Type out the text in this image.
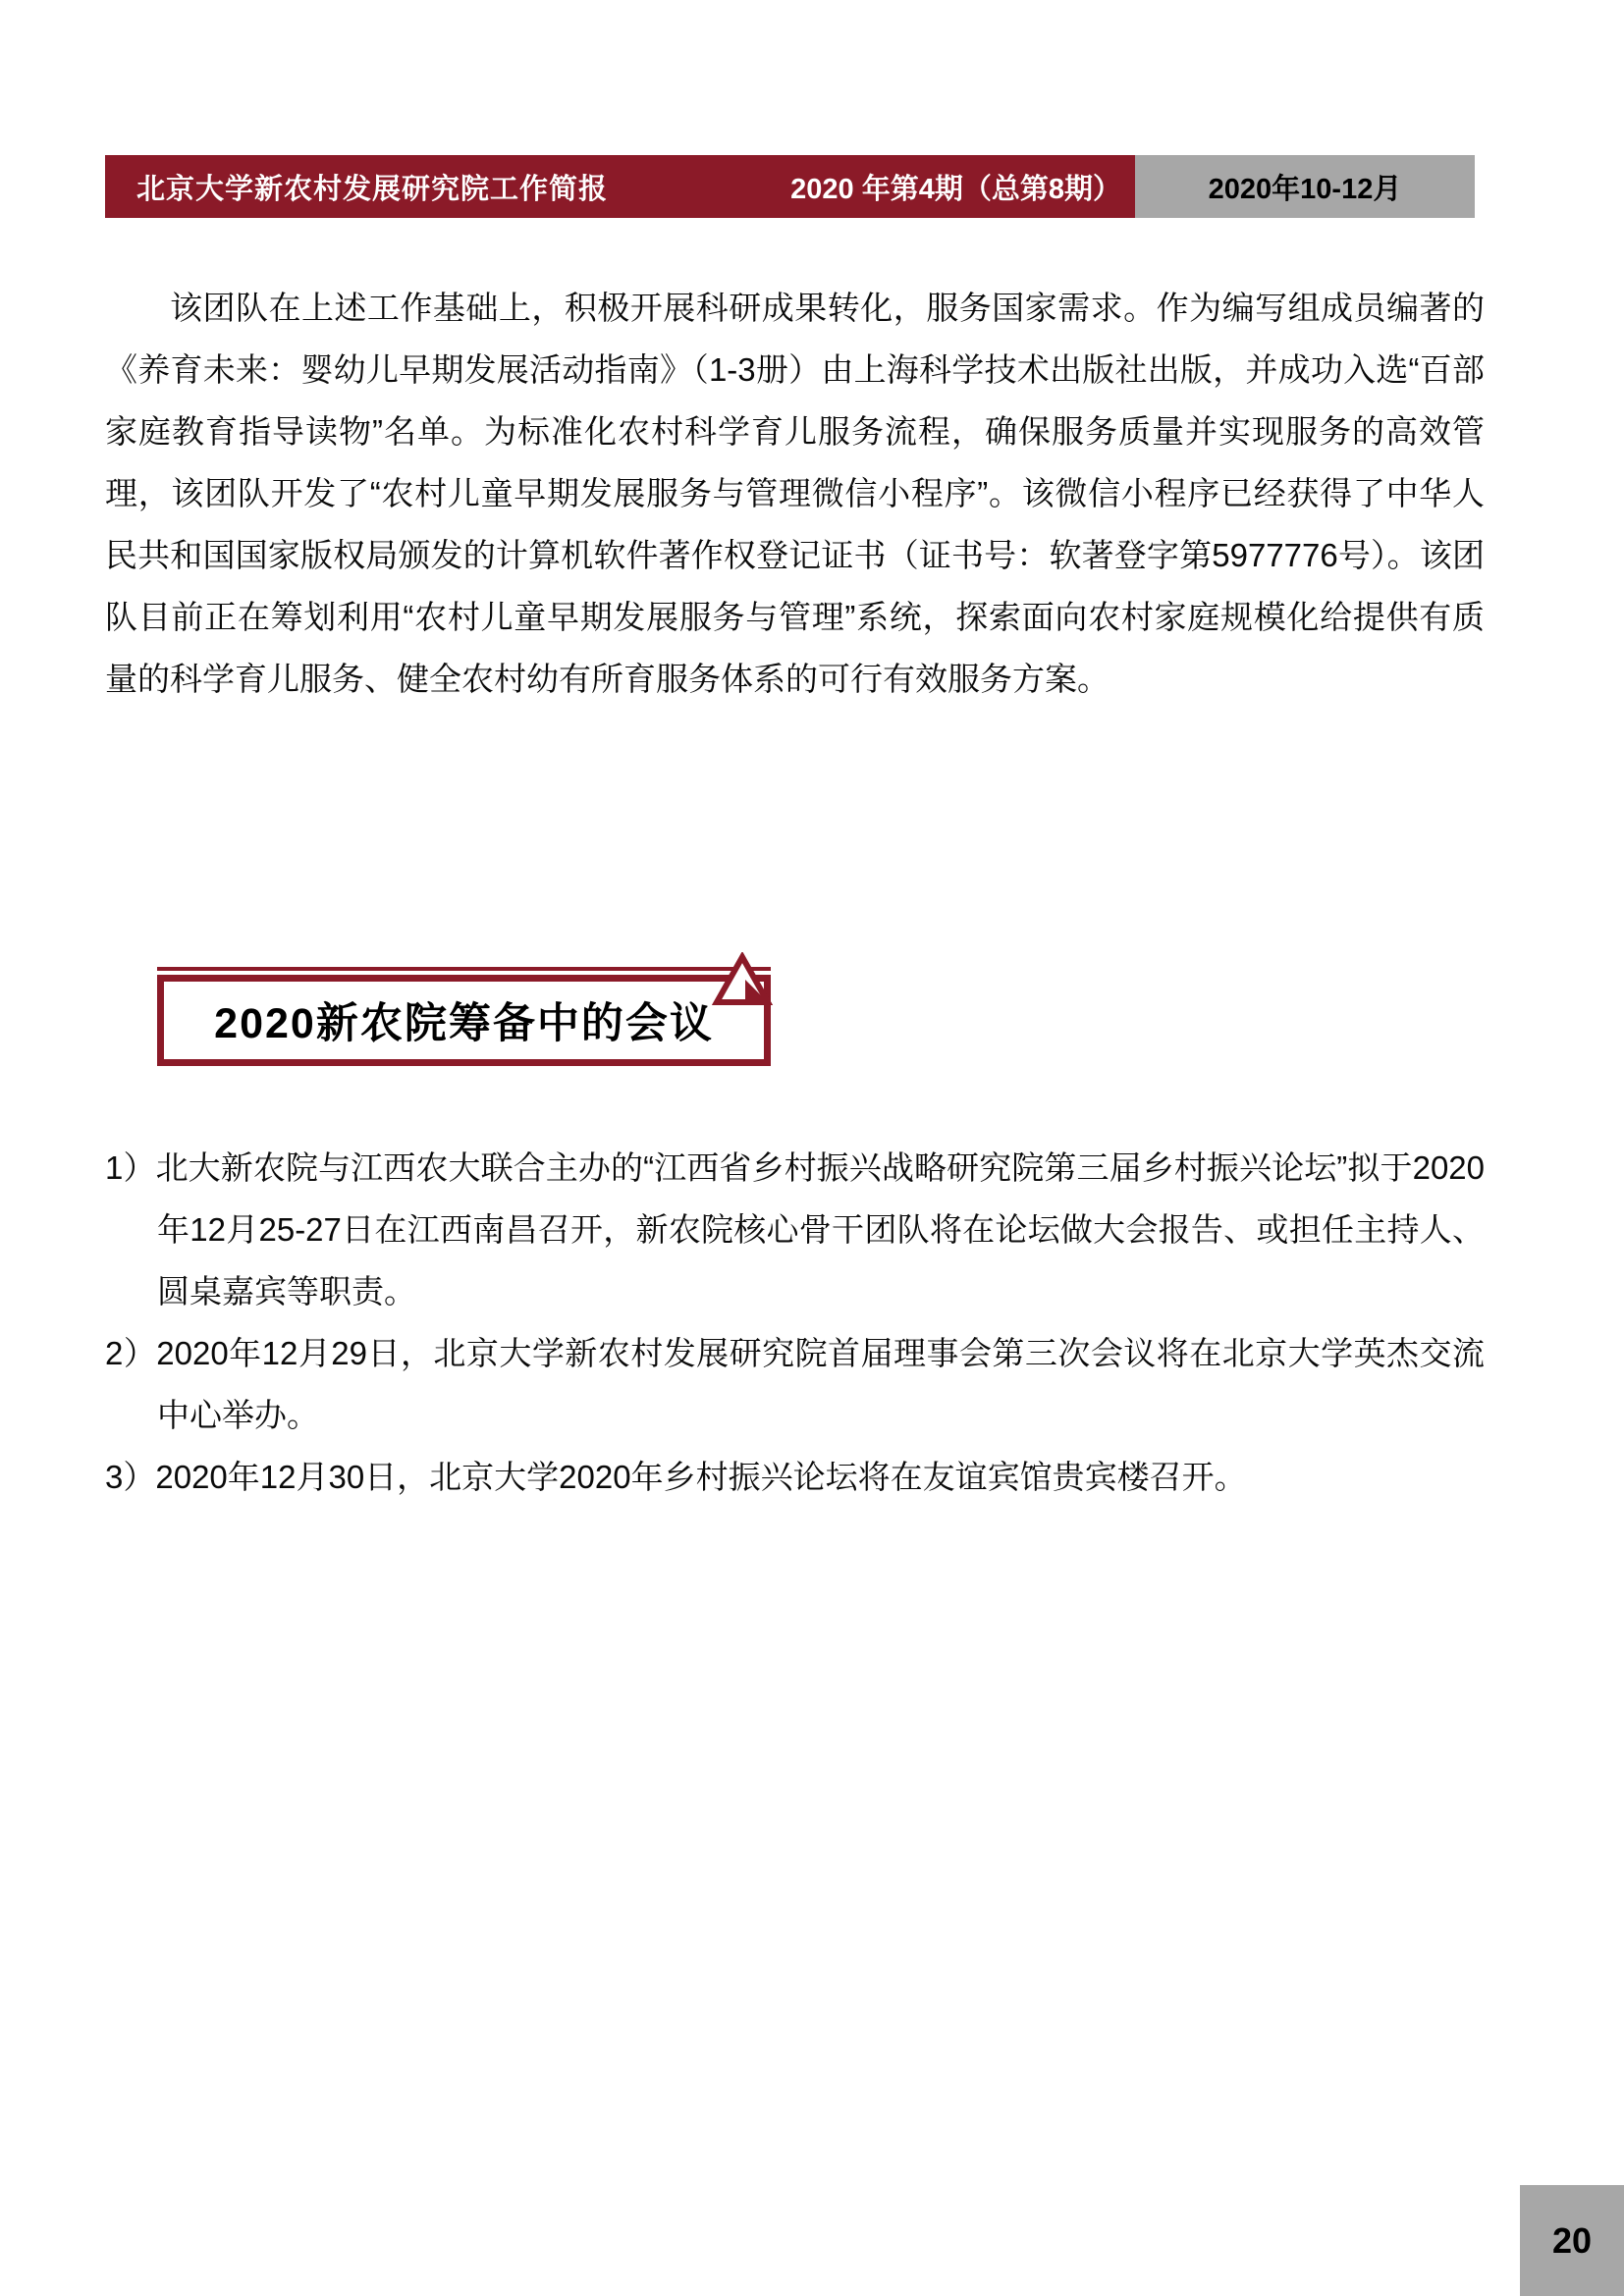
北京大学新农村发展研究院工作简报	2020 年第4期（总第8期）	2020年10-12月

该团队在上述工作基础上，积极开展科研成果转化，服务国家需求。作为编写组成员编著的《养育未来：婴幼儿早期发展活动指南》（1-3册）由上海科学技术出版社出版，并成功入选“百部家庭教育指导读物”名单。为标准化农村科学育儿服务流程，确保服务质量并实现服务的高效管理，该团队开发了“农村儿童早期发展服务与管理微信小程序”。该微信小程序已经获得了中华人民共和国国家版权局颁发的计算机软件著作权登记证书（证书号：软著登字第5977776号）。该团队目前正在筹划利用“农村儿童早期发展服务与管理”系统，探索面向农村家庭规模化给提供有质量的科学育儿服务、健全农村幼有所育服务体系的可行有效服务方案。

2020新农院筹备中的会议
1）北大新农院与江西农大联合主办的“江西省乡村振兴战略研究院第三届乡村振兴论坛”拟于2020年12月25-27日在江西南昌召开，新农院核心骨干团队将在论坛做大会报告、或担任主持人、圆桌嘉宾等职责。
2）2020年12月29日，北京大学新农村发展研究院首届理事会第三次会议将在北京大学英杰交流中心举办。
3）2020年12月30日，北京大学2020年乡村振兴论坛将在友谊宾馆贵宾楼召开。
20
